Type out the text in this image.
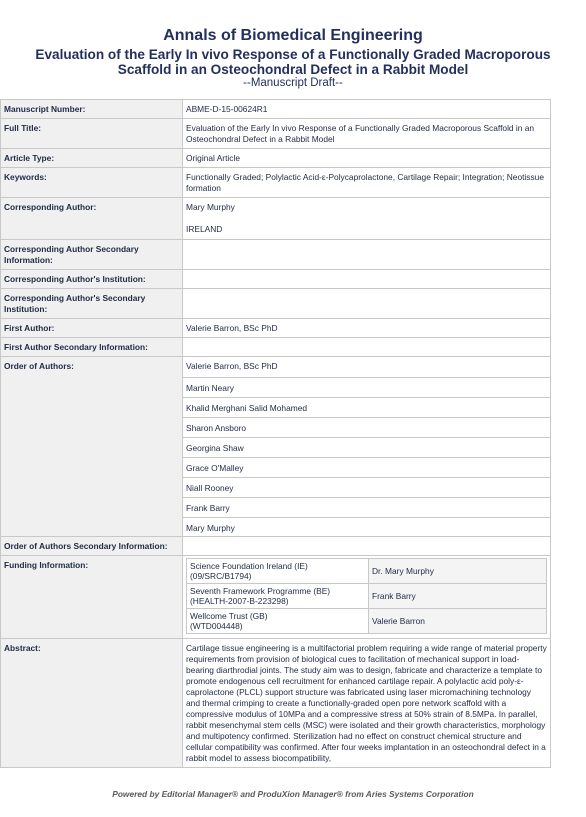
Annals of Biomedical Engineering
Evaluation of the Early In vivo Response of a Functionally Graded Macroporous Scaffold in an Osteochondral Defect in a Rabbit Model
--Manuscript Draft--
Manuscript Number:	ABME-D-15-00624R1
Full Title:	Evaluation of the Early In vivo Response of a Functionally Graded Macroporous Scaffold in an Osteochondral Defect in a Rabbit Model
Article Type:	Original Article
Keywords:	Functionally Graded; Polylactic Acid-ε-Polycaprolactone, Cartilage Repair; Integration; Neotissue formation
Corresponding Author:	Mary Murphy
IRELAND

Corresponding Author Secondary Information:	
Corresponding Author's Institution:	
Corresponding Author's Secondary Institution:	
First Author:	Valerie Barron, BSc PhD
First Author Secondary Information:	
Order of Authors:	Valerie Barron, BSc PhD
Martin Neary
Khalid Merghani Salid Mohamed
Sharon Ansboro
Georgina Shaw
Grace O'Malley
Niall Rooney
Frank Barry
Mary Murphy

Order of Authors Secondary Information:	
Funding Information:		Science Foundation Ireland (IE)
(09/SRC/B1794)	Dr. Mary Murphy
Seventh Framework Programme (BE)
(HEALTH-2007-B-223298)	Frank Barry
Wellcome Trust (GB)
(WTD004448)	Valerie Barron

Abstract:	Cartilage tissue engineering is a multifactorial problem requiring a wide range of material property requirements from provision of biological cues to facilitation of mechanical support in load-bearing diarthrodial joints. The study aim was to design, fabricate and characterize a template to promote endogenous cell recruitment for enhanced cartilage repair. A polylactic acid poly-ε-caprolactone (PLCL) support structure was fabricated using laser micromachining technology and thermal crimping to create a functionally-graded open pore network scaffold with a compressive modulus of 10MPa and a compressive stress at 50% strain of 8.5MPa. In parallel, rabbit mesenchymal stem cells (MSC) were isolated and their growth characteristics, morphology and multipotency confirmed. Sterilization had no effect on construct chemical structure and cellular compatibility was confirmed. After four weeks implantation in an osteochondral defect in a rabbit model to assess biocompatibility,
Powered by Editorial Manager® and ProduXion Manager® from Aries Systems Corporation
